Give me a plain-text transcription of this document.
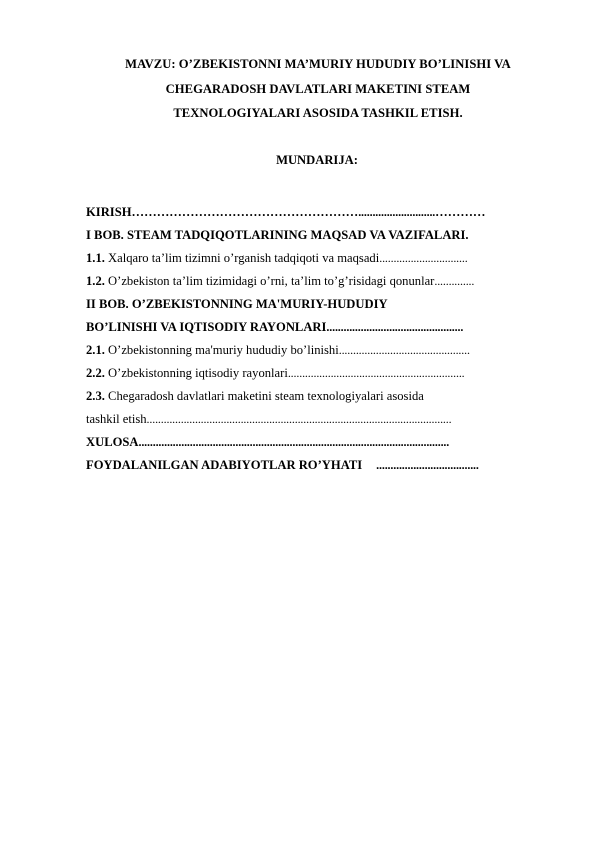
MAVZU: O’ZBEKISTONNI MA’MURIY HUDUDIY BO’LINISHI VA
CHEGARADOSH DAVLATLARI MAKETINI STEAM
TEXNOLOGIYALARI ASOSIDA TASHKIL ETISH.
MUNDARIJA:
KIRISH………………………………………………...........................…………
I BOB. STEAM TADQIQOTLARINING MAQSAD VA VAZIFALARI.
1.1. Xalqaro ta’lim tizimni o’rganish tadqiqoti va maqsadi...............................
1.2. O’zbekiston ta’lim tizimidagi o’rni, ta’lim to’g’risidagi qonunlar..............
II BOB. O’ZBEKISTONNING MA'MURIY-HUDUDIY
BO’LINISHI VA IQTISODIY RAYONLARI................................................
2.1. O’zbekistonning ma'muriy hududiy bo’linishi..............................................
2.2. O’zbekistonning iqtisodiy rayonlari..............................................................
2.3. Chegaradosh davlatlari maketini steam texnologiyalari asosida
tashkil etish...........................................................................................................
XULOSA.............................................................................................................
FOYDALANILGAN ADABIYOTLAR RO’YHATI ....................................
